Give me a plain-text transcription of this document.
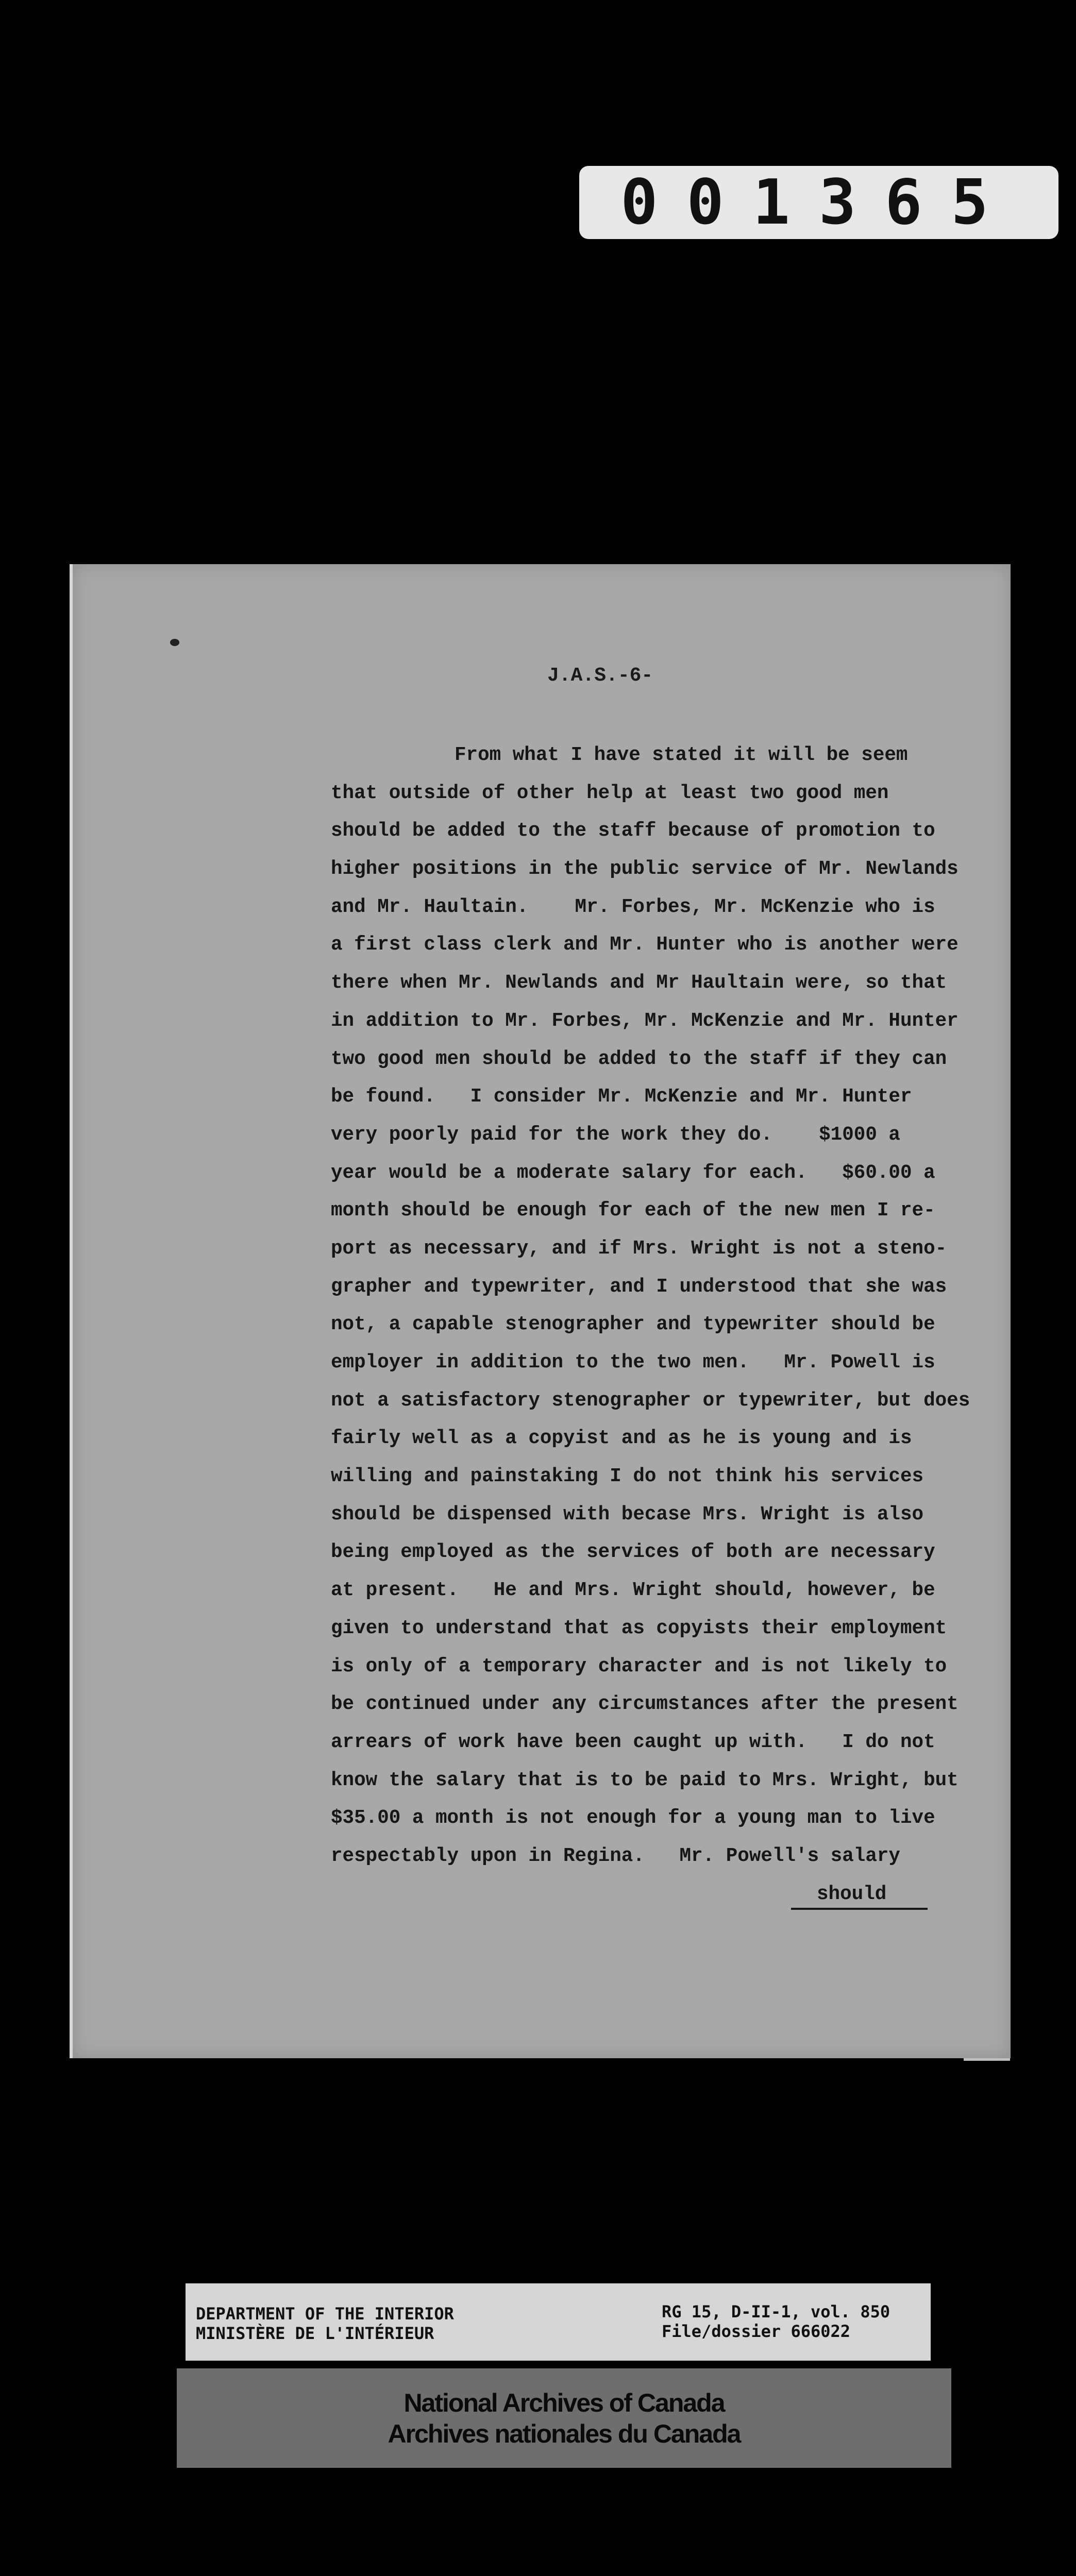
001365
J.A.S.-6-
From what I have stated it will be seem
that outside of other help at least two good men
should be added to the staff because of promotion to
higher positions in the public service of Mr. Newlands
and Mr. Haultain.    Mr. Forbes, Mr. McKenzie who is
a first class clerk and Mr. Hunter who is another were
there when Mr. Newlands and Mr Haultain were, so that
in addition to Mr. Forbes, Mr. McKenzie and Mr. Hunter
two good men should be added to the staff if they can
be found.   I consider Mr. McKenzie and Mr. Hunter
very poorly paid for the work they do.    $1000 a
year would be a moderate salary for each.   $60.00 a
month should be enough for each of the new men I re-
port as necessary, and if Mrs. Wright is not a steno-
grapher and typewriter, and I understood that she was
not, a capable stenographer and typewriter should be
employer in addition to the two men.   Mr. Powell is
not a satisfactory stenographer or typewriter, but does
fairly well as a copyist and as he is young and is
willing and painstaking I do not think his services
should be dispensed with becase Mrs. Wright is also
being employed as the services of both are necessary
at present.   He and Mrs. Wright should, however, be
given to understand that as copyists their employment
is only of a temporary character and is not likely to
be continued under any circumstances after the present
arrears of work have been caught up with.   I do not
know the salary that is to be paid to Mrs. Wright, but
$35.00 a month is not enough for a young man to live
respectably upon in Regina.   Mr. Powell's salary
should
DEPARTMENT OF THE INTERIOR
MINISTÈRE DE L'INTÉRIEUR
RG 15, D-II-1, vol. 850
File/dossier 666022
National Archives of Canada
Archives nationales du Canada
